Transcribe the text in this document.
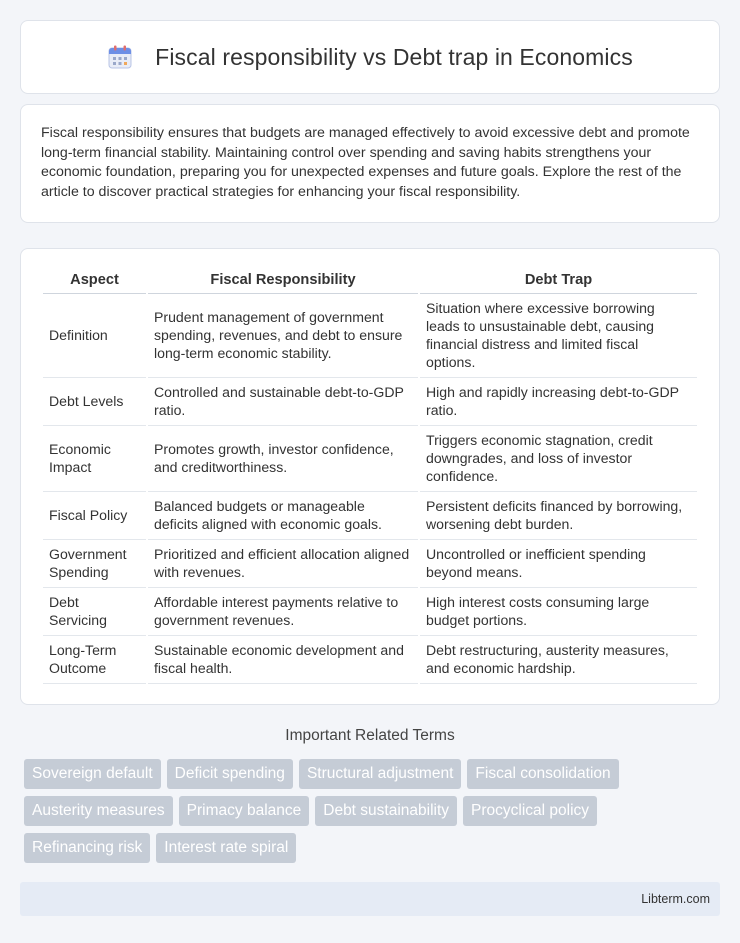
Fiscal responsibility vs Debt trap in Economics

Fiscal responsibility ensures that budgets are managed effectively to avoid excessive debt and promote long-term financial stability. Maintaining control over spending and saving habits strengthens your economic foundation, preparing you for unexpected expenses and future goals. Explore the rest of the article to discover practical strategies for enhancing your fiscal responsibility.

Aspect	Fiscal Responsibility	Debt Trap
Definition	Prudent management of government spending, revenues, and debt to ensure long-term economic stability.	Situation where excessive borrowing leads to unsustainable debt, causing financial distress and limited fiscal options.
Debt Levels	Controlled and sustainable debt-to-GDP ratio.	High and rapidly increasing debt-to-GDP ratio.
Economic Impact	Promotes growth, investor confidence, and creditworthiness.	Triggers economic stagnation, credit downgrades, and loss of investor confidence.
Fiscal Policy	Balanced budgets or manageable deficits aligned with economic goals.	Persistent deficits financed by borrowing, worsening debt burden.
Government Spending	Prioritized and efficient allocation aligned with revenues.	Uncontrolled or inefficient spending beyond means.
Debt Servicing	Affordable interest payments relative to government revenues.	High interest costs consuming large budget portions.
Long-Term Outcome	Sustainable economic development and fiscal health.	Debt restructuring, austerity measures, and economic hardship.
Important Related Terms
Sovereign default	Deficit spending	Structural adjustment	Fiscal consolidation
Austerity measures	Primacy balance	Debt sustainability	Procyclical policy
Refinancing risk	Interest rate spiral
Libterm.com
